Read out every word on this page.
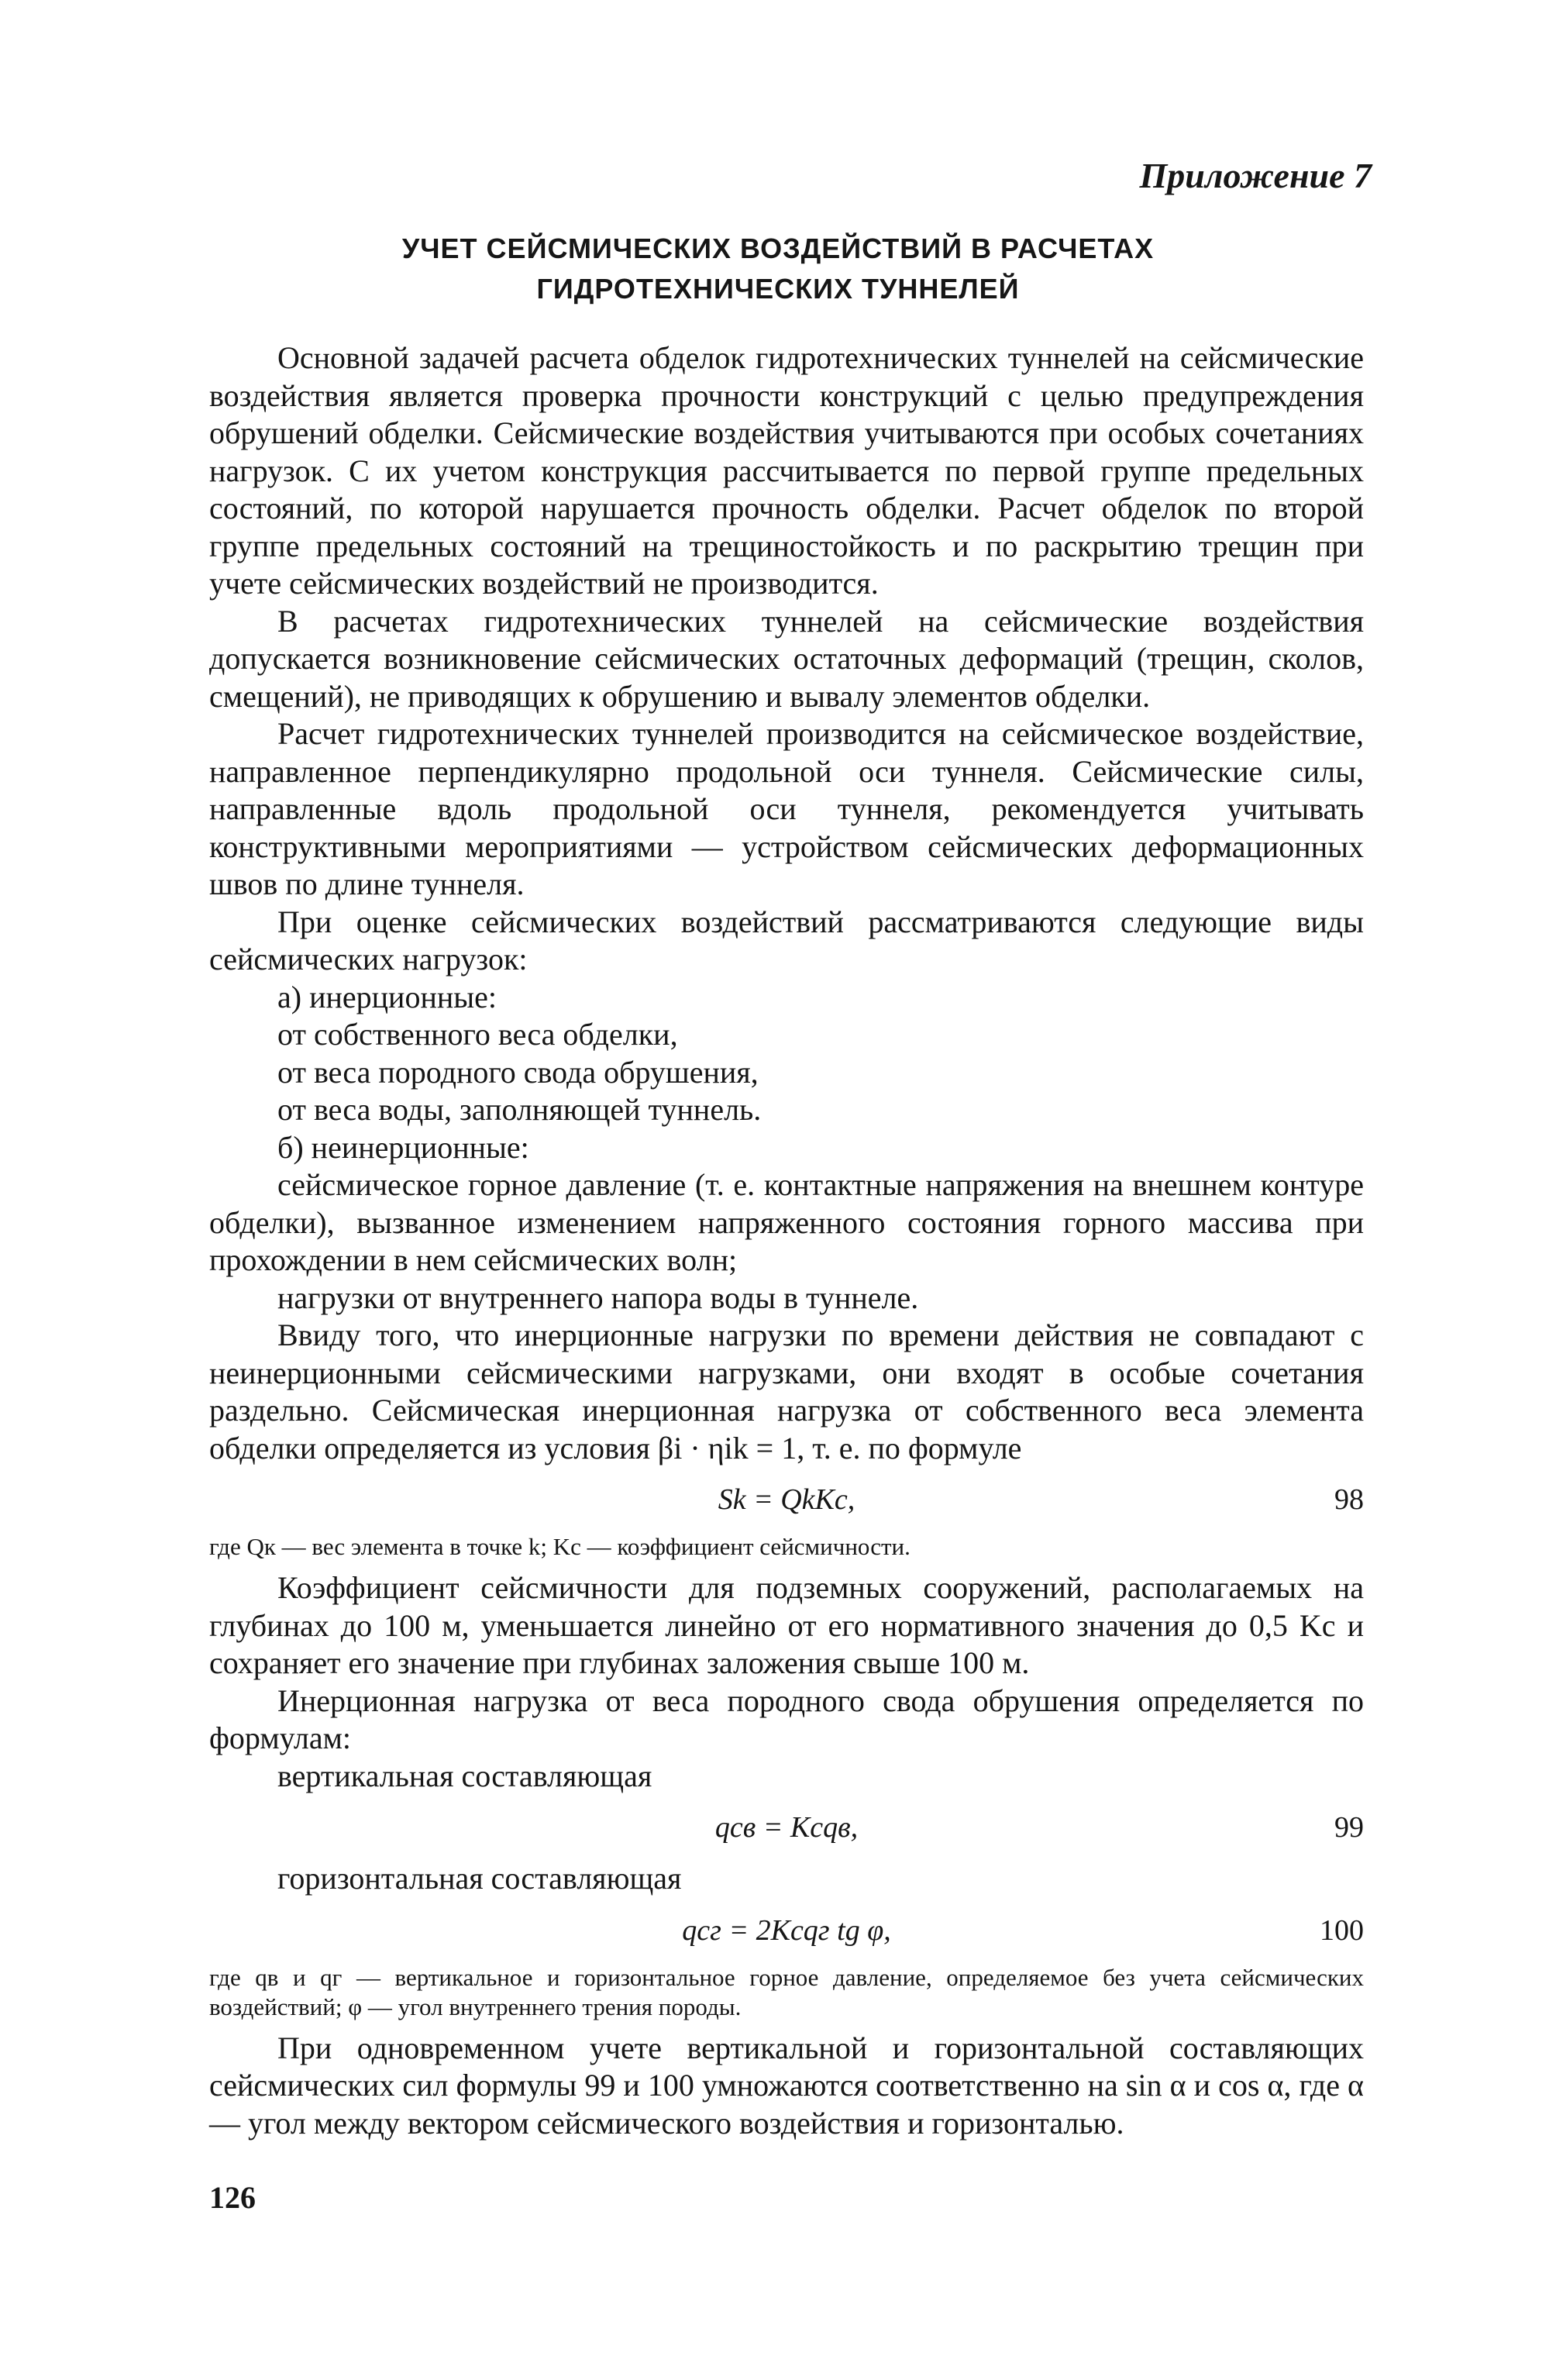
Приложение 7
УЧЕТ СЕЙСМИЧЕСКИХ ВОЗДЕЙСТВИЙ В РАСЧЕТАХ
ГИДРОТЕХНИЧЕСКИХ ТУННЕЛЕЙ

Основной задачей расчета обделок гидротехнических туннелей на сейсмические воздействия является проверка прочности конструкций с целью предупреждения обрушений обделки. Сейсмические воздействия учитываются при особых сочетаниях нагрузок. С их учетом конструкция рассчитывается по первой группе предельных состояний, по которой нарушается прочность обделки. Расчет обделок по второй группе предельных состояний на трещиностойкость и по раскрытию трещин при учете сейсмических воздействий не производится.

В расчетах гидротехнических туннелей на сейсмические воздействия допускается возникновение сейсмических остаточных деформаций (трещин, сколов, смещений), не приводящих к обрушению и вывалу элементов обделки.

Расчет гидротехнических туннелей производится на сейсмическое воздействие, направленное перпендикулярно продольной оси туннеля. Сейсмические силы, направленные вдоль продольной оси туннеля, рекомендуется учитывать конструктивными мероприятиями — устройством сейсмических деформационных швов по длине туннеля.

При оценке сейсмических воздействий рассматриваются следующие виды сейсмических нагрузок:

а) инерционные:

от собственного веса обделки,

от веса породного свода обрушения,

от веса воды, заполняющей туннель.

б) неинерционные:

сейсмическое горное давление (т. е. контактные напряжения на внешнем контуре обделки), вызванное изменением напряженного состояния горного массива при прохождении в нем сейсмических волн;

нагрузки от внутреннего напора воды в туннеле.

Ввиду того, что инерционные нагрузки по времени действия не совпадают с неинерционными сейсмическими нагрузками, они входят в особые сочетания раздельно. Сейсмическая инерционная нагрузка от собственного веса элемента обделки определяется из условия βi · ηik = 1, т. е. по формуле

Sk = QkKc,	98

где Qк — вес элемента в точке k; Kc — коэффициент сейсмичности.

Коэффициент сейсмичности для подземных сооружений, располагаемых на глубинах до 100 м, уменьшается линейно от его нормативного значения до 0,5 Kc и сохраняет его значение при глубинах заложения свыше 100 м.

Инерционная нагрузка от веса породного свода обрушения определяется по формулам:

вертикальная составляющая

qcв = Kcqв,	99

горизонтальная составляющая

qcг = 2Kcqг tg φ,	100

где qв и qг — вертикальное и горизонтальное горное давление, определяемое без учета сейсмических воздействий; φ — угол внутреннего трения породы.

При одновременном учете вертикальной и горизонтальной составляющих сейсмических сил формулы 99 и 100 умножаются соответственно на sin α и cos α, где α — угол между вектором сейсмического воздействия и горизонталью.

126
